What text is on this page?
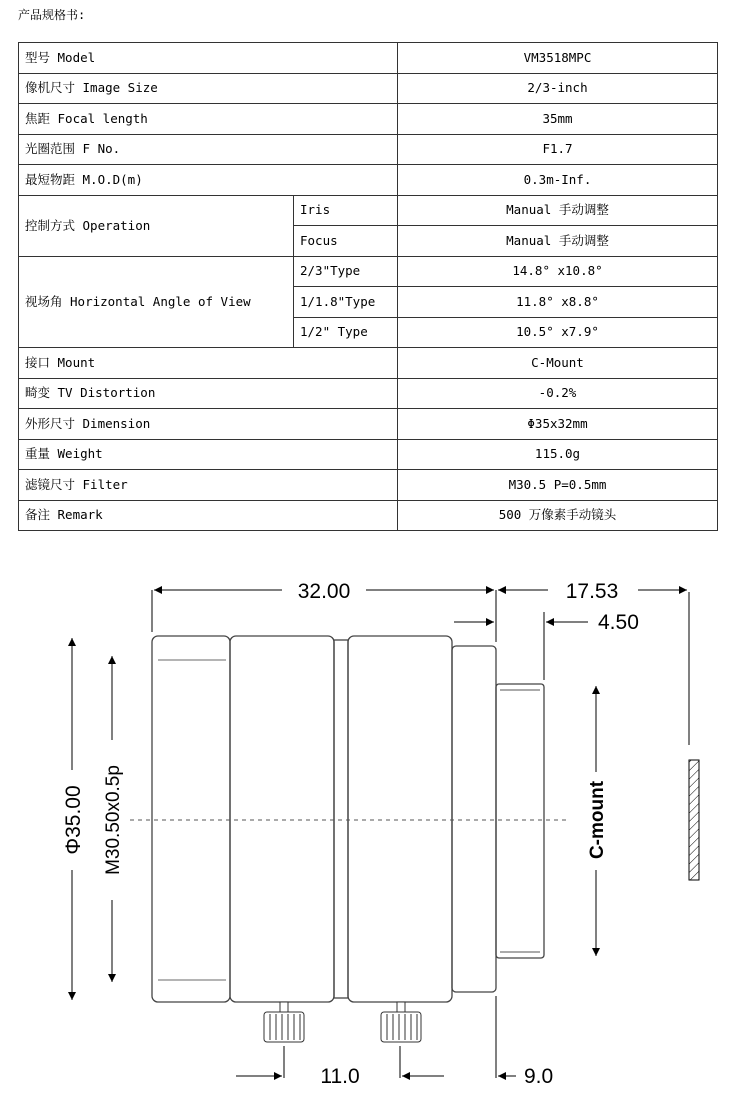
产品规格书:
型号 Model		VM3518MPC
像机尺寸 Image Size		2/3-inch
焦距 Focal length		35mm
光圈范围 F No.		F1.7
最短物距 M.O.D(m)		0.3m-Inf.
控制方式 Operation	Iris	Manual 手动调整
	Focus	Manual 手动调整
视场角 Horizontal Angle of View	2/3"Type	14.8° x10.8°
	1/1.8"Type	11.8° x8.8°
	1/2" Type	10.5° x7.9°
接口 Mount		C-Mount
畸变 TV Distortion		-0.2%
外形尺寸 Dimension		Φ35x32mm
重量 Weight		115.0g
滤镜尺寸 Filter		M30.5 P=0.5mm
备注 Remark		500 万像素手动镜头
32.00	17.53
4.50
Φ35.00 M30.50x0.5p	C-mount
11.0	9.0
